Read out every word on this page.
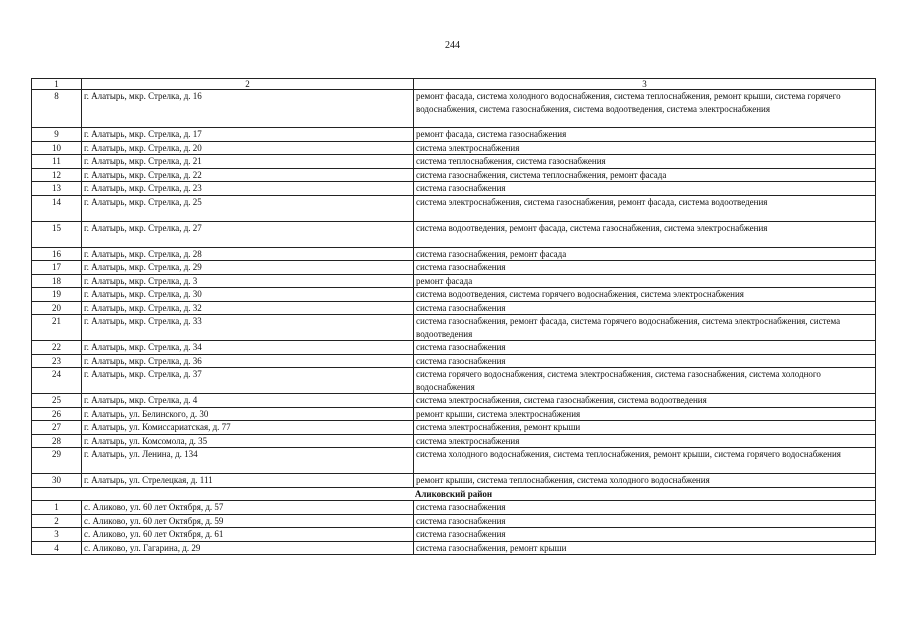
244
1	2	3
8	г. Алатырь, мкр. Стрелка, д. 16	ремонт фасада, система холодного водоснабжения, система теплоснабжения, ремонт крыши, система горячего водоснабжения, система газоснабжения, система водоотведения, система электроснабжения
9	г. Алатырь, мкр. Стрелка, д. 17	ремонт фасада, система газоснабжения
10	г. Алатырь, мкр. Стрелка, д. 20	система электроснабжения
11	г. Алатырь, мкр. Стрелка, д. 21	система теплоснабжения, система газоснабжения
12	г. Алатырь, мкр. Стрелка, д. 22	система газоснабжения, система теплоснабжения, ремонт фасада
13	г. Алатырь, мкр. Стрелка, д. 23	система газоснабжения
14	г. Алатырь, мкр. Стрелка, д. 25	система электроснабжения, система газоснабжения, ремонт фасада, система водоотведения
15	г. Алатырь, мкр. Стрелка, д. 27	система водоотведения, ремонт фасада, система газоснабжения, система электроснабжения
16	г. Алатырь, мкр. Стрелка, д. 28	система газоснабжения, ремонт фасада
17	г. Алатырь, мкр. Стрелка, д. 29	система газоснабжения
18	г. Алатырь, мкр. Стрелка, д. 3	ремонт фасада
19	г. Алатырь, мкр. Стрелка, д. 30	система водоотведения, система горячего водоснабжения, система электроснабжения
20	г. Алатырь, мкр. Стрелка, д. 32	система газоснабжения
21	г. Алатырь, мкр. Стрелка, д. 33	система газоснабжения, ремонт фасада, система горячего водоснабжения, система электроснабжения, система водоотведения
22	г. Алатырь, мкр. Стрелка, д. 34	система газоснабжения
23	г. Алатырь, мкр. Стрелка, д. 36	система газоснабжения
24	г. Алатырь, мкр. Стрелка, д. 37	система горячего водоснабжения, система электроснабжения, система газоснабжения, система холодного водоснабжения
25	г. Алатырь, мкр. Стрелка, д. 4	система электроснабжения, система газоснабжения, система водоотведения
26	г. Алатырь, ул. Белинского, д. 30	ремонт крыши, система электроснабжения
27	г. Алатырь, ул. Комиссариатская, д. 77	система электроснабжения, ремонт крыши
28	г. Алатырь, ул. Комсомола, д. 35	система электроснабжения
29	г. Алатырь, ул. Ленина, д. 134	система холодного водоснабжения, система теплоснабжения, ремонт крыши, система горячего водоснабжения
30	г. Алатырь, ул. Стрелецкая, д. 111	ремонт крыши, система теплоснабжения, система холодного водоснабжения
Аликовский район		
1	с. Аликово, ул. 60 лет Октября, д. 57	система газоснабжения
2	с. Аликово, ул. 60 лет Октября, д. 59	система газоснабжения
3	с. Аликово, ул. 60 лет Октября, д. 61	система газоснабжения
4	с. Аликово, ул. Гагарина, д. 29	система газоснабжения, ремонт крыши
